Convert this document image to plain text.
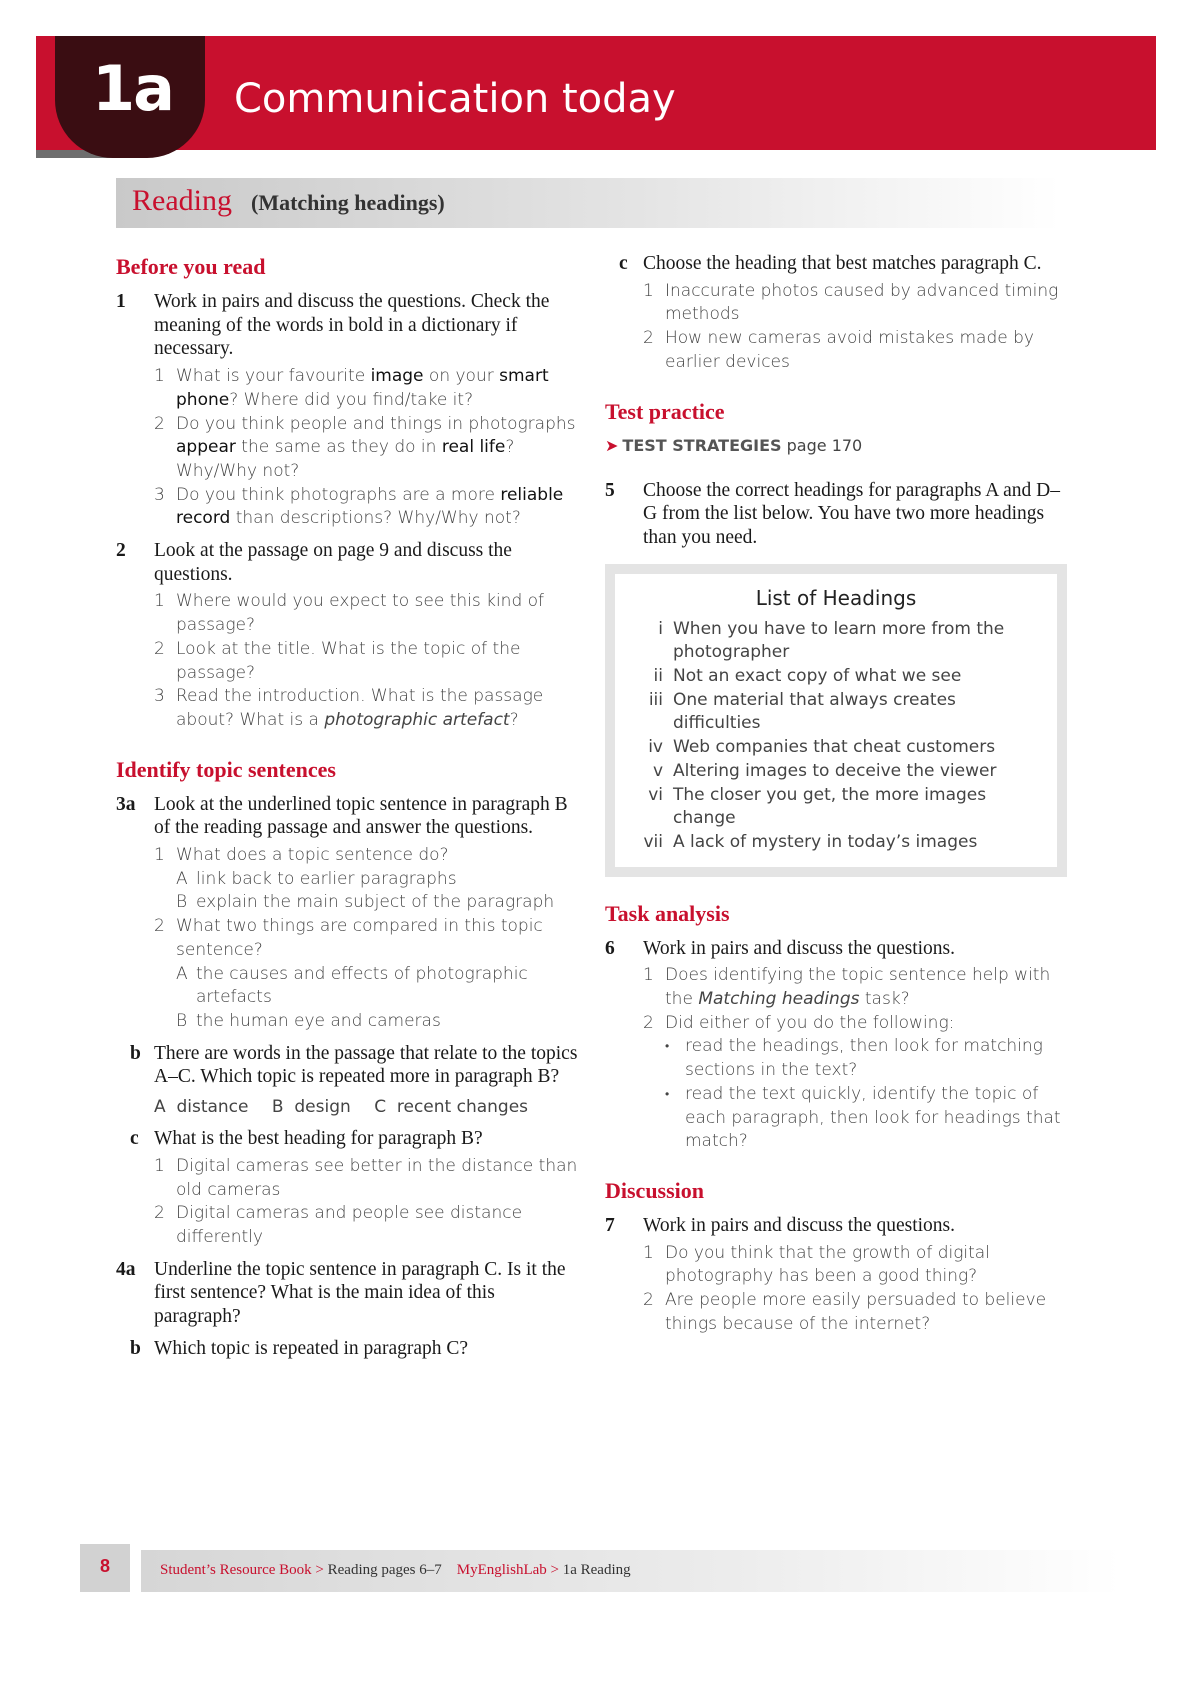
1a Communication today
Reading (Matching headings)
Before you read
1 Work in pairs and discuss the questions. Check the meaning of the words in bold in a dictionary if necessary.
1 What is your favourite image on your smart phone? Where did you find/take it?
2 Do you think people and things in photographs appear the same as they do in real life? Why/Why not?
3 Do you think photographs are a more reliable record than descriptions? Why/Why not?
2 Look at the passage on page 9 and discuss the questions.
1 Where would you expect to see this kind of passage?
2 Look at the title. What is the topic of the passage?
3 Read the introduction. What is the passage about? What is a photographic artefact?
Identify topic sentences
3a Look at the underlined topic sentence in paragraph B of the reading passage and answer the questions.
1 What does a topic sentence do?
A link back to earlier paragraphs
B explain the main subject of the paragraph
2 What two things are compared in this topic sentence?
A the causes and effects of photographic artefacts
B the human eye and cameras
b There are words in the passage that relate to the topics A–C. Which topic is repeated more in paragraph B?
A distance B design C recent changes
c What is the best heading for paragraph B?
1 Digital cameras see better in the distance than old cameras
2 Digital cameras and people see distance differently
4a Underline the topic sentence in paragraph C. Is it the first sentence? What is the main idea of this paragraph?
b Which topic is repeated in paragraph C?
c Choose the heading that best matches paragraph C.
1 Inaccurate photos caused by advanced timing methods
2 How new cameras avoid mistakes made by earlier devices
Test practice
➤ TEST STRATEGIES page 170
5 Choose the correct headings for paragraphs A and D–G from the list below. You have two more headings than you need.
List of Headings
i When you have to learn more from the photographer
ii Not an exact copy of what we see
iii One material that always creates difficulties
iv Web companies that cheat customers
v Altering images to deceive the viewer
vi The closer you get, the more images change
vii A lack of mystery in today’s images
Task analysis
6 Work in pairs and discuss the questions.
1 Does identifying the topic sentence help with the Matching headings task?
2 Did either of you do the following:
• read the headings, then look for matching sections in the text?
• read the text quickly, identify the topic of each paragraph, then look for headings that match?
Discussion
7 Work in pairs and discuss the questions.
1 Do you think that the growth of digital photography has been a good thing?
2 Are people more easily persuaded to believe things because of the internet?
8	Student’s Resource Book > Reading pages 6–7 MyEnglishLab > 1a Reading
